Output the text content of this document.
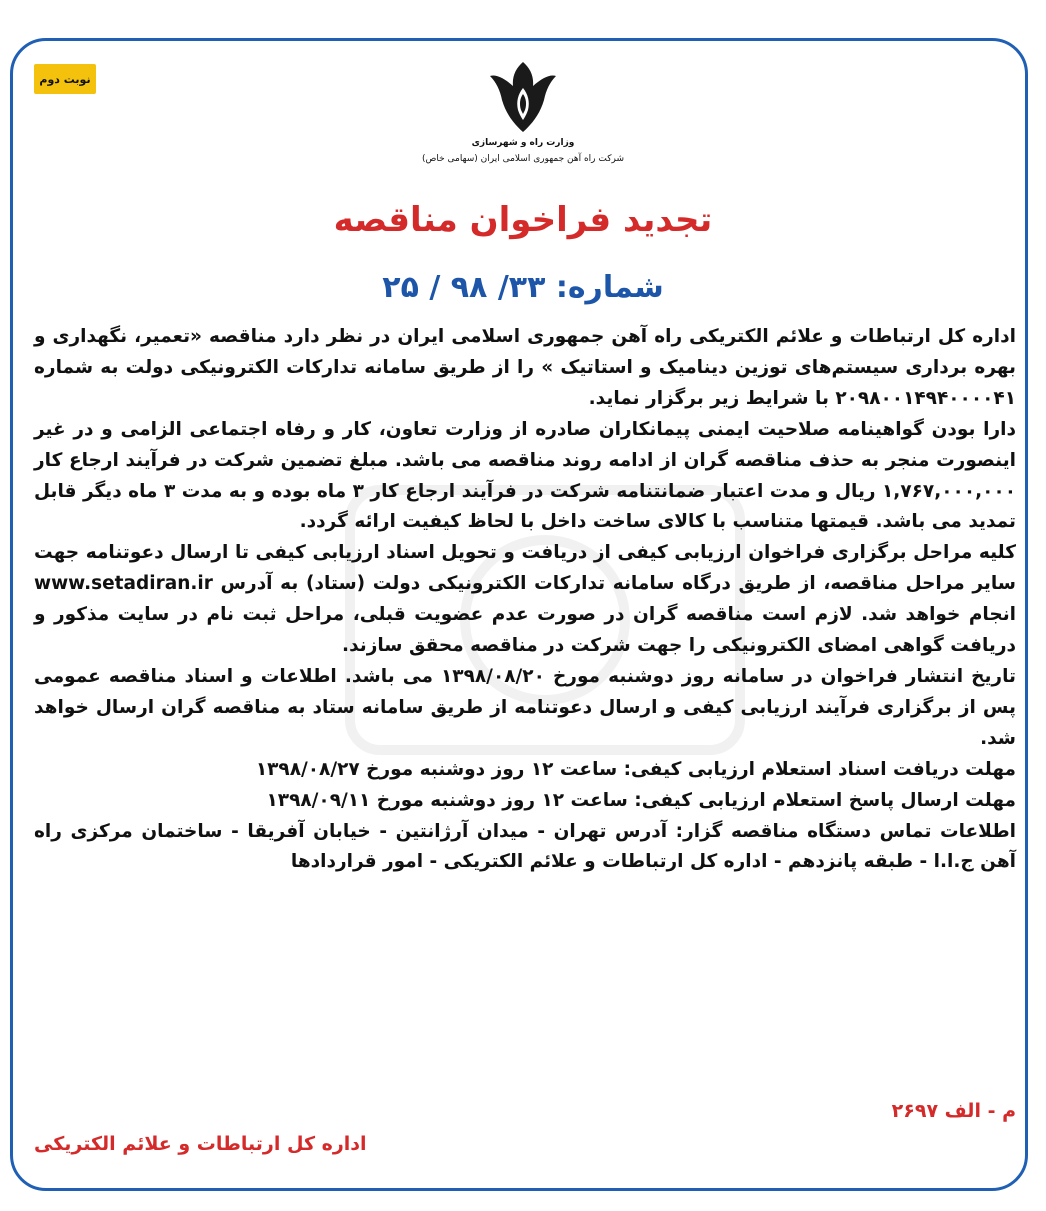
نوبت دوم
وزارت راه و شهرسازی
شرکت راه آهن جمهوری اسلامی ایران (سهامی خاص)
تجدید فراخوان مناقصه
شماره: ۳۳/ ۹۸ / ۲۵

اداره کل ارتباطات و علائم الکتریکی راه آهن جمهوری اسلامی ایران در نظر دارد مناقصه «تعمیر، نگهداری و بهره برداری سیستم‌های توزین دینامیک و استاتیک » را از طریق سامانه تدارکات الکترونیکی دولت به شماره ۲۰۹۸۰۰۱۴۹۴۰۰۰۰۴۱ با شرایط زیر برگزار نماید.

دارا بودن گواهینامه صلاحیت ایمنی پیمانکاران صادره از وزارت تعاون، کار و رفاه اجتماعی الزامی و در غیر اینصورت منجر به حذف مناقصه گران از ادامه روند مناقصه می باشد. مبلغ تضمین شرکت در فرآیند ارجاع کار ۱,۷۶۷,۰۰۰,۰۰۰ ریال و مدت اعتبار ضمانتنامه شرکت در فرآیند ارجاع کار ۳ ماه بوده و به مدت ۳ ماه دیگر قابل تمدید می باشد. قیمتها متناسب با کالای ساخت داخل با لحاظ کیفیت ارائه گردد.

کلیه مراحل برگزاری فراخوان ارزیابی کیفی از دریافت و تحویل اسناد ارزیابی کیفی تا ارسال دعوتنامه جهت سایر مراحل مناقصه، از طریق درگاه سامانه تدارکات الکترونیکی دولت (ستاد) به آدرس www.setadiran.ir انجام خواهد شد. لازم است مناقصه گران در صورت عدم عضویت قبلی، مراحل ثبت نام در سایت مذکور و دریافت گواهی امضای الکترونیکی را جهت شرکت در مناقصه محقق سازند.

تاریخ انتشار فراخوان در سامانه روز دوشنبه مورخ ۱۳۹۸/۰۸/۲۰ می باشد. اطلاعات و اسناد مناقصه عمومی پس از برگزاری فرآیند ارزیابی کیفی و ارسال دعوتنامه از طریق سامانه ستاد به مناقصه گران ارسال خواهد شد.

مهلت دریافت اسناد استعلام ارزیابی کیفی: ساعت ۱۲ روز دوشنبه مورخ ۱۳۹۸/۰۸/۲۷

مهلت ارسال پاسخ استعلام ارزیابی کیفی: ساعت ۱۲ روز دوشنبه مورخ ۱۳۹۸/۰۹/۱۱

اطلاعات تماس دستگاه مناقصه گزار: آدرس تهران - میدان آرژانتین - خیابان آفریقا - ساختمان مرکزی راه آهن ج.ا.ا - طبقه پانزدهم - اداره کل ارتباطات و علائم الکتریکی - امور قراردادها

م - الف ۲۶۹۷
اداره کل ارتباطات و علائم الکتریکی
